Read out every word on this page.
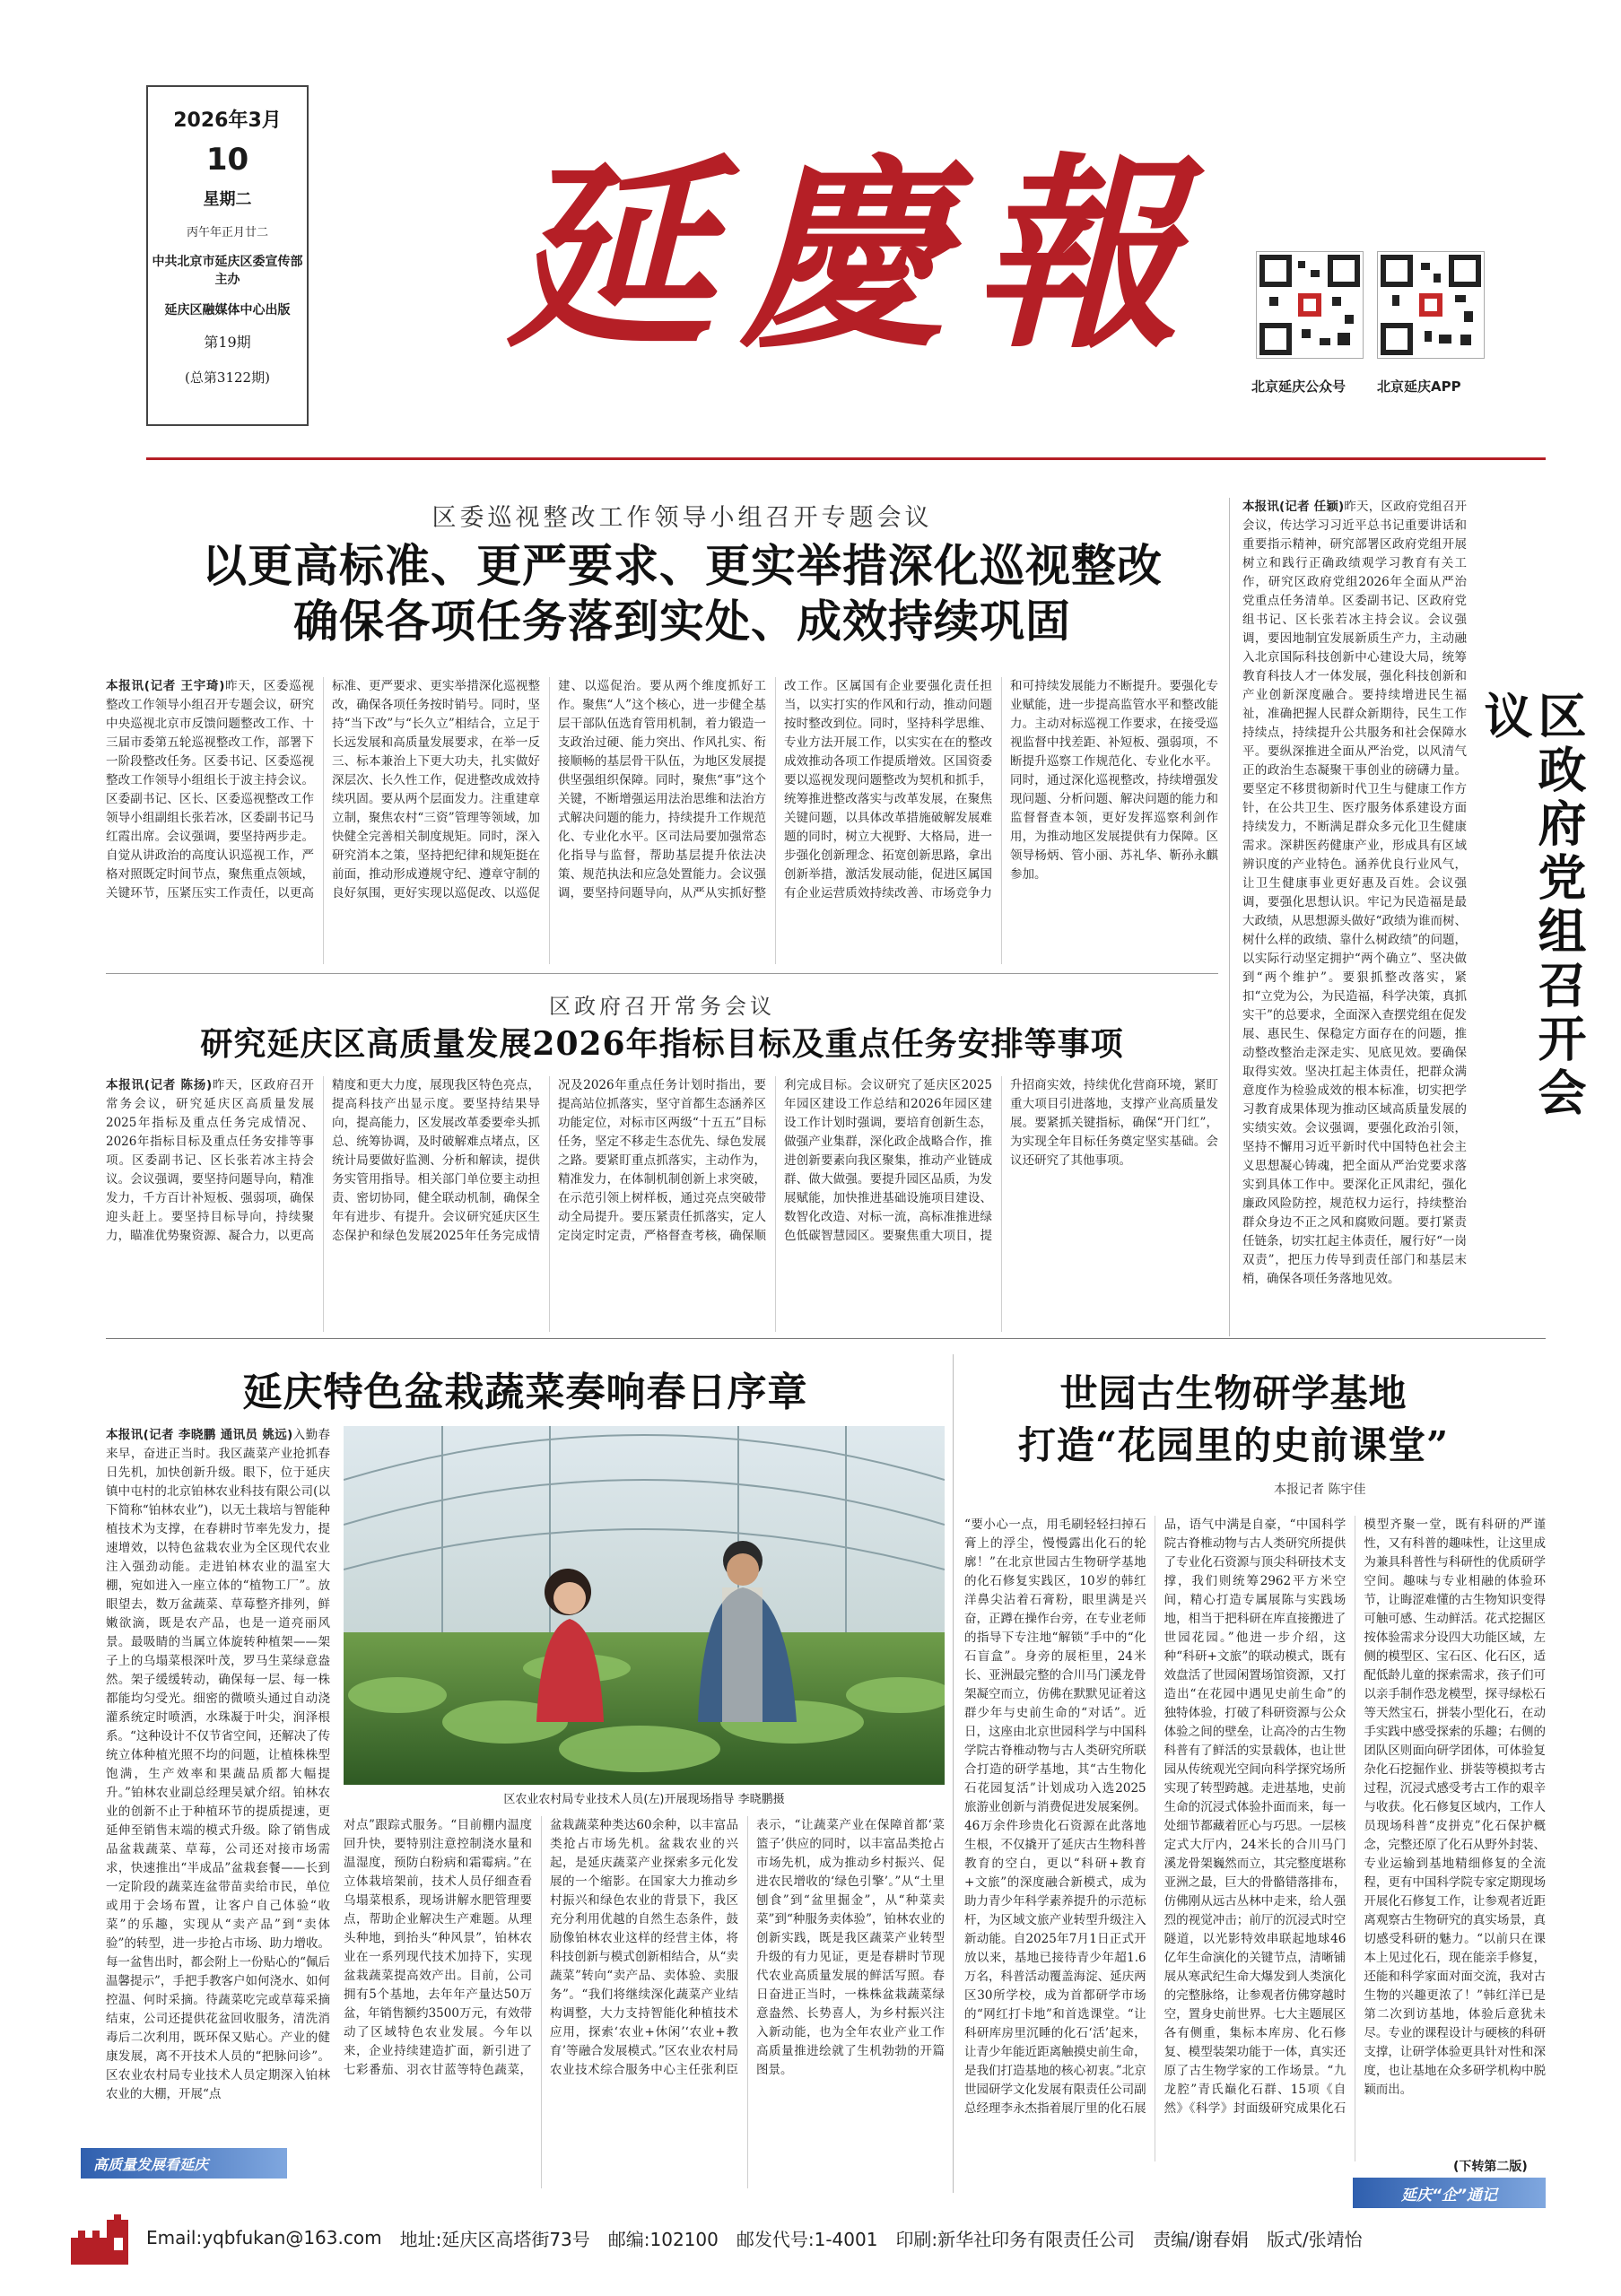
2026年3月
10
星期二
丙午年正月廿二
中共北京市延庆区委宣传部主办
延庆区融媒体中心出版
第19期
(总第3122期)
延慶報
北京延庆公众号 北京延庆APP
区委巡视整改工作领导小组召开专题会议
以更高标准、更严要求、更实举措深化巡视整改
确保各项任务落到实处、成效持续巩固
本报讯(记者 王宇琦)昨天，区委巡视整改工作领导小组召开专题会议，研究中央巡视北京市反馈问题整改工作、十三届市委第五轮巡视整改工作，部署下一阶段整改任务。区委书记、区委巡视整改工作领导小组组长于波主持会议。区委副书记、区长、区委巡视整改工作领导小组副组长张若冰，区委副书记马红霞出席。会议强调，要坚持两步走。自觉从讲政治的高度认识巡视工作，严格对照既定时间节点，聚焦重点领域，关键环节，压紧压实工作责任，以更高标准、更严要求、更实举措深化巡视整改，确保各项任务按时销号。同时，坚持“当下改”与“长久立”相结合，立足于长远发展和高质量发展要求，在举一反三、标本兼治上下更大功夫，扎实做好深层次、长久性工作，促进整改成效持续巩固。要从两个层面发力。注重建章立制，聚焦农村“三资”管理等领域，加快健全完善相关制度规矩。同时，深入研究消本之策，坚持把纪律和规矩挺在前面，推动形成遵规守纪、遵章守制的良好氛围，更好实现以巡促改、以巡促建、以巡促治。要从两个维度抓好工作。聚焦“人”这个核心，进一步健全基层干部队伍选育管用机制，着力锻造一支政治过硬、能力突出、作风扎实、衔接顺畅的基层骨干队伍，为地区发展提供坚强组织保障。同时，聚焦“事”这个关键，不断增强运用法治思维和法治方式解决问题的能力，持续提升工作规范化、专业化水平。区司法局要加强常态化指导与监督，帮助基层提升依法决策、规范执法和应急处置能力。会议强调，要坚持问题导向，从严从实抓好整改工作。区属国有企业要强化责任担当，以实打实的作风和行动，推动问题按时整改到位。同时，坚持科学思维、专业方法开展工作，以实实在在的整改成效推动各项工作提质增效。区国资委要以巡视发现问题整改为契机和抓手，统筹推进整改落实与改革发展，在聚焦关键问题，以具体改革措施破解发展难题的同时，树立大视野、大格局，进一步强化创新理念、拓宽创新思路，拿出创新举措，激活发展动能，促进区属国有企业运营质效持续改善、市场竞争力和可持续发展能力不断提升。要强化专业赋能，进一步提高监管水平和整改能力。主动对标巡视工作要求，在接受巡视监督中找差距、补短板、强弱项，不断提升巡察工作规范化、专业化水平。同时，通过深化巡视整改，持续增强发现问题、分析问题、解决问题的能力和监督督查本领，更好发挥巡察利剑作用，为推动地区发展提供有力保障。区领导杨炳、管小丽、苏礼华、靳孙永麒参加。
区政府召开常务会议
研究延庆区高质量发展2026年指标目标及重点任务安排等事项
本报讯(记者 陈扬)昨天，区政府召开常务会议，研究延庆区高质量发展2025年指标及重点任务完成情况、2026年指标目标及重点任务安排等事项。区委副书记、区长张若冰主持会议。会议强调，要坚持问题导向，精准发力，千方百计补短板、强弱项，确保迎头赶上。要坚持目标导向，持续聚力，瞄准优势聚资源、凝合力，以更高精度和更大力度，展现我区特色亮点，提高科技产出显示度。要坚持结果导向，提高能力，区发展改革委要牵头抓总、统筹协调，及时破解难点堵点，区统计局要做好监测、分析和解读，提供务实管用指导。相关部门单位要主动担责、密切协同，健全联动机制，确保全年有进步、有提升。会议研究延庆区生态保护和绿色发展2025年任务完成情况及2026年重点任务计划时指出，要提高站位抓落实，坚守首都生态涵养区功能定位，对标市区两级“十五五”目标任务，坚定不移走生态优先、绿色发展之路。要紧盯重点抓落实，主动作为，精准发力，在体制机制创新上求突破，在示范引领上树样板，通过亮点突破带动全局提升。要压紧责任抓落实，定人定岗定时定责，严格督查考核，确保顺利完成目标。会议研究了延庆区2025年园区建设工作总结和2026年园区建设工作计划时强调，要培育创新生态，做强产业集群，深化政企战略合作，推进创新要素向我区聚集，推动产业链成群、做大做强。要提升园区品质，为发展赋能，加快推进基础设施项目建设、数智化改造、对标一流，高标准推进绿色低碳智慧园区。要聚焦重大项目，提升招商实效，持续优化营商环境，紧盯重大项目引进落地，支撑产业高质量发展。要紧抓关键指标，确保“开门红”，为实现全年目标任务奠定坚实基础。会议还研究了其他事项。
本报讯(记者 任颖)昨天，区政府党组召开会议，传达学习习近平总书记重要讲话和重要指示精神，研究部署区政府党组开展树立和践行正确政绩观学习教育有关工作，研究区政府党组2026年全面从严治党重点任务清单。区委副书记、区政府党组书记、区长张若冰主持会议。会议强调，要因地制宜发展新质生产力，主动融入北京国际科技创新中心建设大局，统筹教育科技人才一体发展，强化科技创新和产业创新深度融合。要持续增进民生福祉，准确把握人民群众新期待，民生工作持续点，持续提升公共服务和社会保障水平。要纵深推进全面从严治党，以风清气正的政治生态凝聚干事创业的磅礴力量。要坚定不移贯彻新时代卫生与健康工作方针，在公共卫生、医疗服务体系建设方面持续发力，不断满足群众多元化卫生健康需求。深耕医药健康产业，形成具有区域辨识度的产业特色。涵养优良行业风气，让卫生健康事业更好惠及百姓。会议强调，要强化思想认识。牢记为民造福是最大政绩，从思想源头做好“政绩为谁而树、树什么样的政绩、靠什么树政绩”的问题，以实际行动坚定拥护“两个确立”、坚决做到“两个维护”。要狠抓整改落实，紧扣“立党为公，为民造福，科学决策，真抓实干”的总要求，全面深入查摆党组在促发展、惠民生、保稳定方面存在的问题，推动整改整治走深走实、见底见效。要确保取得实效。坚决扛起主体责任，把群众满意度作为检验成效的根本标准，切实把学习教育成果体现为推动区域高质量发展的实绩实效。会议强调，要强化政治引领，坚持不懈用习近平新时代中国特色社会主义思想凝心铸魂，把全面从严治党要求落实到具体工作中。要深化正风肃纪，强化廉政风险防控，规范权力运行，持续整治群众身边不正之风和腐败问题。要打紧责任链条，切实扛起主体责任，履行好“一岗双责”，把压力传导到责任部门和基层末梢，确保各项任务落地见效。
区政府党组召开会议
延庆特色盆栽蔬菜奏响春日序章
本报讯(记者 李晓鹏 通讯员 姚远)入勤春来早，奋进正当时。我区蔬菜产业抢抓春日先机，加快创新升级。眼下，位于延庆镇中屯村的北京铂林农业科技有限公司(以下简称“铂林农业”)，以无土栽培与智能种植技术为支撑，在春耕时节率先发力，提速增效，以特色盆栽农业为全区现代农业注入强劲动能。走进铂林农业的温室大棚，宛如进入一座立体的“植物工厂”。放眼望去，数万盆蔬菜、草莓整齐排列，鲜嫩欲滴，既是农产品，也是一道亮丽风景。最吸睛的当属立体旋转种植架——架子上的乌塌菜根深叶茂，罗马生菜绿意盎然。架子缓缓转动，确保每一层、每一株都能均匀受光。细密的微喷头通过自动浇灌系统定时喷洒，水珠凝于叶尖，润泽根系。“这种设计不仅节省空间，还解决了传统立体种植光照不均的问题，让植株株型饱满，生产效率和果蔬品质都大幅提升。”铂林农业副总经理吴斌介绍。铂林农业的创新不止于种植环节的提质提速，更延伸至销售末端的模式升级。除了销售成品盆栽蔬菜、草莓，公司还对接市场需求，快速推出“半成品”盆栽套餐——长到一定阶段的蔬菜连盆带苗卖给市民，单位或用于会场布置，让客户自己体验“收菜”的乐趣，实现从“卖产品”到“卖体验”的转型，进一步抢占市场、助力增收。每一盆售出时，都会附上一份贴心的“佩后温馨提示”，手把手教客户如何浇水、如何控温、何时采摘。待蔬菜吃完或草莓采摘结束，公司还提供花盆回收服务，清洗消毒后二次利用，既环保又贴心。产业的健康发展，离不开技术人员的“把脉问诊”。区农业农村局专业技术人员定期深入铂林农业的大棚，开展“点
区农业农村局专业技术人员(左)开展现场指导 李晓鹏摄
对点”跟踪式服务。“目前棚内温度回升快，要特别注意控制浇水量和温湿度，预防白粉病和霜霉病。”在立体栽培架前，技术人员仔细查看乌塌菜根系，现场讲解水肥管理要点，帮助企业解决生产难题。从理头种地，到抬头“种风景”，铂林农业在一系列现代技术加持下，实现盆栽蔬菜提高效产出。目前，公司拥有5个基地，去年年产量达50万盆，年销售额约3500万元，有效带动了区域特色农业发展。今年以来，企业持续建造扩面，新引进了七彩番茄、羽衣甘蓝等特色蔬菜，盆栽蔬菜种类达60余种，以丰富品类抢占市场先机。盆栽农业的兴起，是延庆蔬菜产业探索多元化发展的一个缩影。在国家大力推动乡村振兴和绿色农业的背景下，我区充分利用优越的自然生态条件，鼓励像铂林农业这样的经营主体，将科技创新与模式创新相结合，从“卖蔬菜”转向“卖产品、卖体验、卖服务”。“我们将继续深化蔬菜产业结构调整，大力支持智能化种植技术应用，探索‘农业+休闲’‘农业+教育’等融合发展模式。”区农业农村局农业技术综合服务中心主任张利臣表示，“让蔬菜产业在保障首都‘菜篮子’供应的同时，以丰富品类抢占市场先机，成为推动乡村振兴、促进农民增收的‘绿色引擎’。”从“土里刨食”到“盆里掘金”，从“种菜卖菜”到“种服务卖体验”，铂林农业的创新实践，既是我区蔬菜产业转型升级的有力见证，更是春耕时节现代农业高质量发展的鲜活写照。春日奋进正当时，一株株盆栽蔬菜绿意盎然、长势喜人，为乡村振兴注入新动能，也为全年农业产业工作高质量推进绘就了生机勃勃的开篇图景。
高质量发展看延庆
世园古生物研学基地
打造“花园里的史前课堂”
本报记者 陈宇佳
“要小心一点，用毛刷轻轻扫掉石膏上的浮尘，慢慢露出化石的轮廓！”在北京世园古生物研学基地的化石修复实践区，10岁的韩红洋鼻尖沾着石膏粉，眼里满是兴奋，正蹲在操作台旁，在专业老师的指导下专注地“解锁”手中的“化石盲盒”。身旁的展柜里，24米长、亚洲最完整的合川马门溪龙骨架凝空而立，仿佛在默默见证着这群少年与史前生命的“对话”。近日，这座由北京世园科学与中国科学院古脊椎动物与古人类研究所联合打造的研学基地，其“古生物化石花园复活”计划成功入选2025旅游业创新与消费促进发展案例。46万余件珍贵化石资源在此落地生根，不仅撬开了延庆古生物科普教育的空白，更以“科研+教育+文旅”的深度融合新模式，成为助力青少年科学素养提升的示范标杆，为区域文旅产业转型升级注入新动能。自2025年7月1日正式开放以来，基地已接待青少年超1.6万名，科普活动覆盖海淀、延庆两区30所学校，成为首都研学市场的“网红打卡地”和首选课堂。“让科研库房里沉睡的化石‘活’起来，让青少年能近距离触摸史前生命，是我们打造基地的核心初衷。”北京世园研学文化发展有限责任公司副总经理李永杰指着展厅里的化石展品，语气中满是自豪，“中国科学院古脊椎动物与古人类研究所提供了专业化石资源与顶尖科研技术支撑，我们则统筹2962平方米空间，精心打造专属展陈与实践场地，相当于把科研在库直接搬进了世园花园。”他进一步介绍，这种“科研+文旅”的联动模式，既有效盘活了世园闲置场馆资源，又打造出“在花园中遇见史前生命”的独特体验，打破了科研资源与公众体验之间的壁垒，让高冷的古生物科普有了鲜活的实景载体，也让世园从传统观光空间向科学探究场所实现了转型跨越。走进基地，史前生命的沉浸式体验扑面而来，每一处细节都藏着匠心与巧思。一层核定式大厅内，24米长的合川马门溪龙骨架巍然而立，其完整度堪称亚洲之最，巨大的骨骼错落排布，仿佛刚从远古丛林中走来，给人强烈的视觉冲击；前厅的沉浸式时空隧道，以光影特效串联起地球46亿年生命演化的关键节点，清晰铺展从寒武纪生命大爆发到人类演化的完整脉络，让参观者仿佛穿越时空，置身史前世界。七大主题展区各有侧重，集标本库房、化石修复、模型装架功能于一体，真实还原了古生物学家的工作场景。“九龙腔”青氏巅化石群、15项《自然》《科学》封面级研究成果化石模型齐聚一堂，既有科研的严谨性，又有科普的趣味性，让这里成为兼具科普性与科研性的优质研学空间。趣味与专业相融的体验环节，让晦涩难懂的古生物知识变得可触可感、生动鲜活。花式挖掘区按体验需求分设四大功能区域，左侧的模型区、宝石区、化石区，适配低龄儿童的探索需求，孩子们可以亲手制作恐龙模型，探寻绿松石等天然宝石，拼装小型化石，在动手实践中感受探索的乐趣；右侧的团队区则面向研学团体，可体验复杂化石挖掘作业、拼装等模拟考古过程，沉浸式感受考古工作的艰辛与收获。化石修复区域内，工作人员现场科普“皮拼克”化石保护概念，完整还原了化石从野外封装、专业运输到基地精细修复的全流程，更有中国科学院专家定期现场开展化石修复工作，让参观者近距离观察古生物研究的真实场景，真切感受科研的魅力。“以前只在课本上见过化石，现在能亲手修复，还能和科学家面对面交流，我对古生物的兴趣更浓了！”韩红洋已是第二次到访基地，体验后意犹未尽。专业的课程设计与硬核的科研支撑，让研学体验更具针对性和深度，也让基地在众多研学机构中脱颖而出。
(下转第二版)
延庆“企”通记
Email:yqbfukan@163.com 地址:延庆区高塔街73号 邮编:102100 邮发代号:1-4001 印刷:新华社印务有限责任公司 责编/谢春娟 版式/张靖怡
